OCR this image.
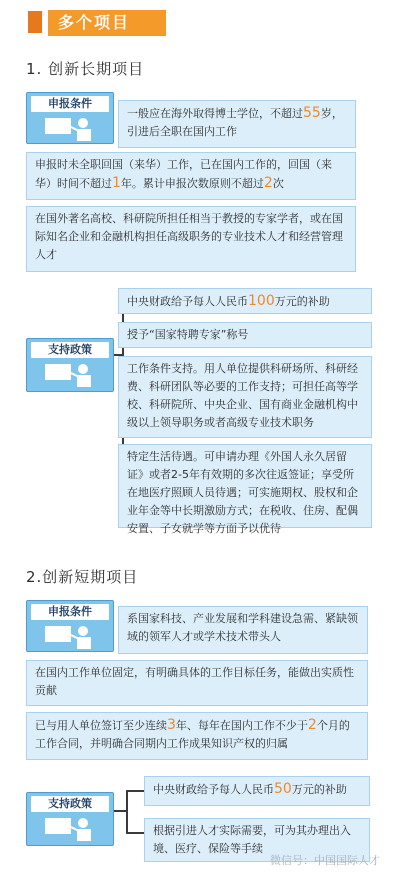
多个项目
1. 创新长期项目
申报条件
一般应在海外取得博士学位，不超过55岁，引进后全职在国内工作
申报时未全职回国（来华）工作，已在国内工作的，回国（来华）时间不超过1年。累计申报次数原则不超过2次
在国外著名高校、科研院所担任相当于教授的专家学者，或在国际知名企业和金融机构担任高级职务的专业技术人才和经营管理人才
支持政策
中央财政给予每人人民币100万元的补助
授予“国家特聘专家”称号
工作条件支持。用人单位提供科研场所、科研经费、科研团队等必要的工作支持；可担任高等学校、科研院所、中央企业、国有商业金融机构中级以上领导职务或者高级专业技术职务
特定生活待遇。可申请办理《外国人永久居留证》或者2-5年有效期的多次往返签证；享受所在地医疗照顾人员待遇；可实施期权、股权和企业年金等中长期激励方式；在税收、住房、配偶安置、子女就学等方面予以优待
2.创新短期项目
申报条件
系国家科技、产业发展和学科建设急需、紧缺领域的领军人才或学术技术带头人
在国内工作单位固定，有明确具体的工作目标任务，能做出实质性贡献
已与用人单位签订至少连续3年、每年在国内工作不少于2个月的工作合同，并明确合同期内工作成果知识产权的归属
支持政策
中央财政给予每人人民币50万元的补助
根据引进人才实际需要，可为其办理出入境、医疗、保险等手续
微信号：中国国际人才
